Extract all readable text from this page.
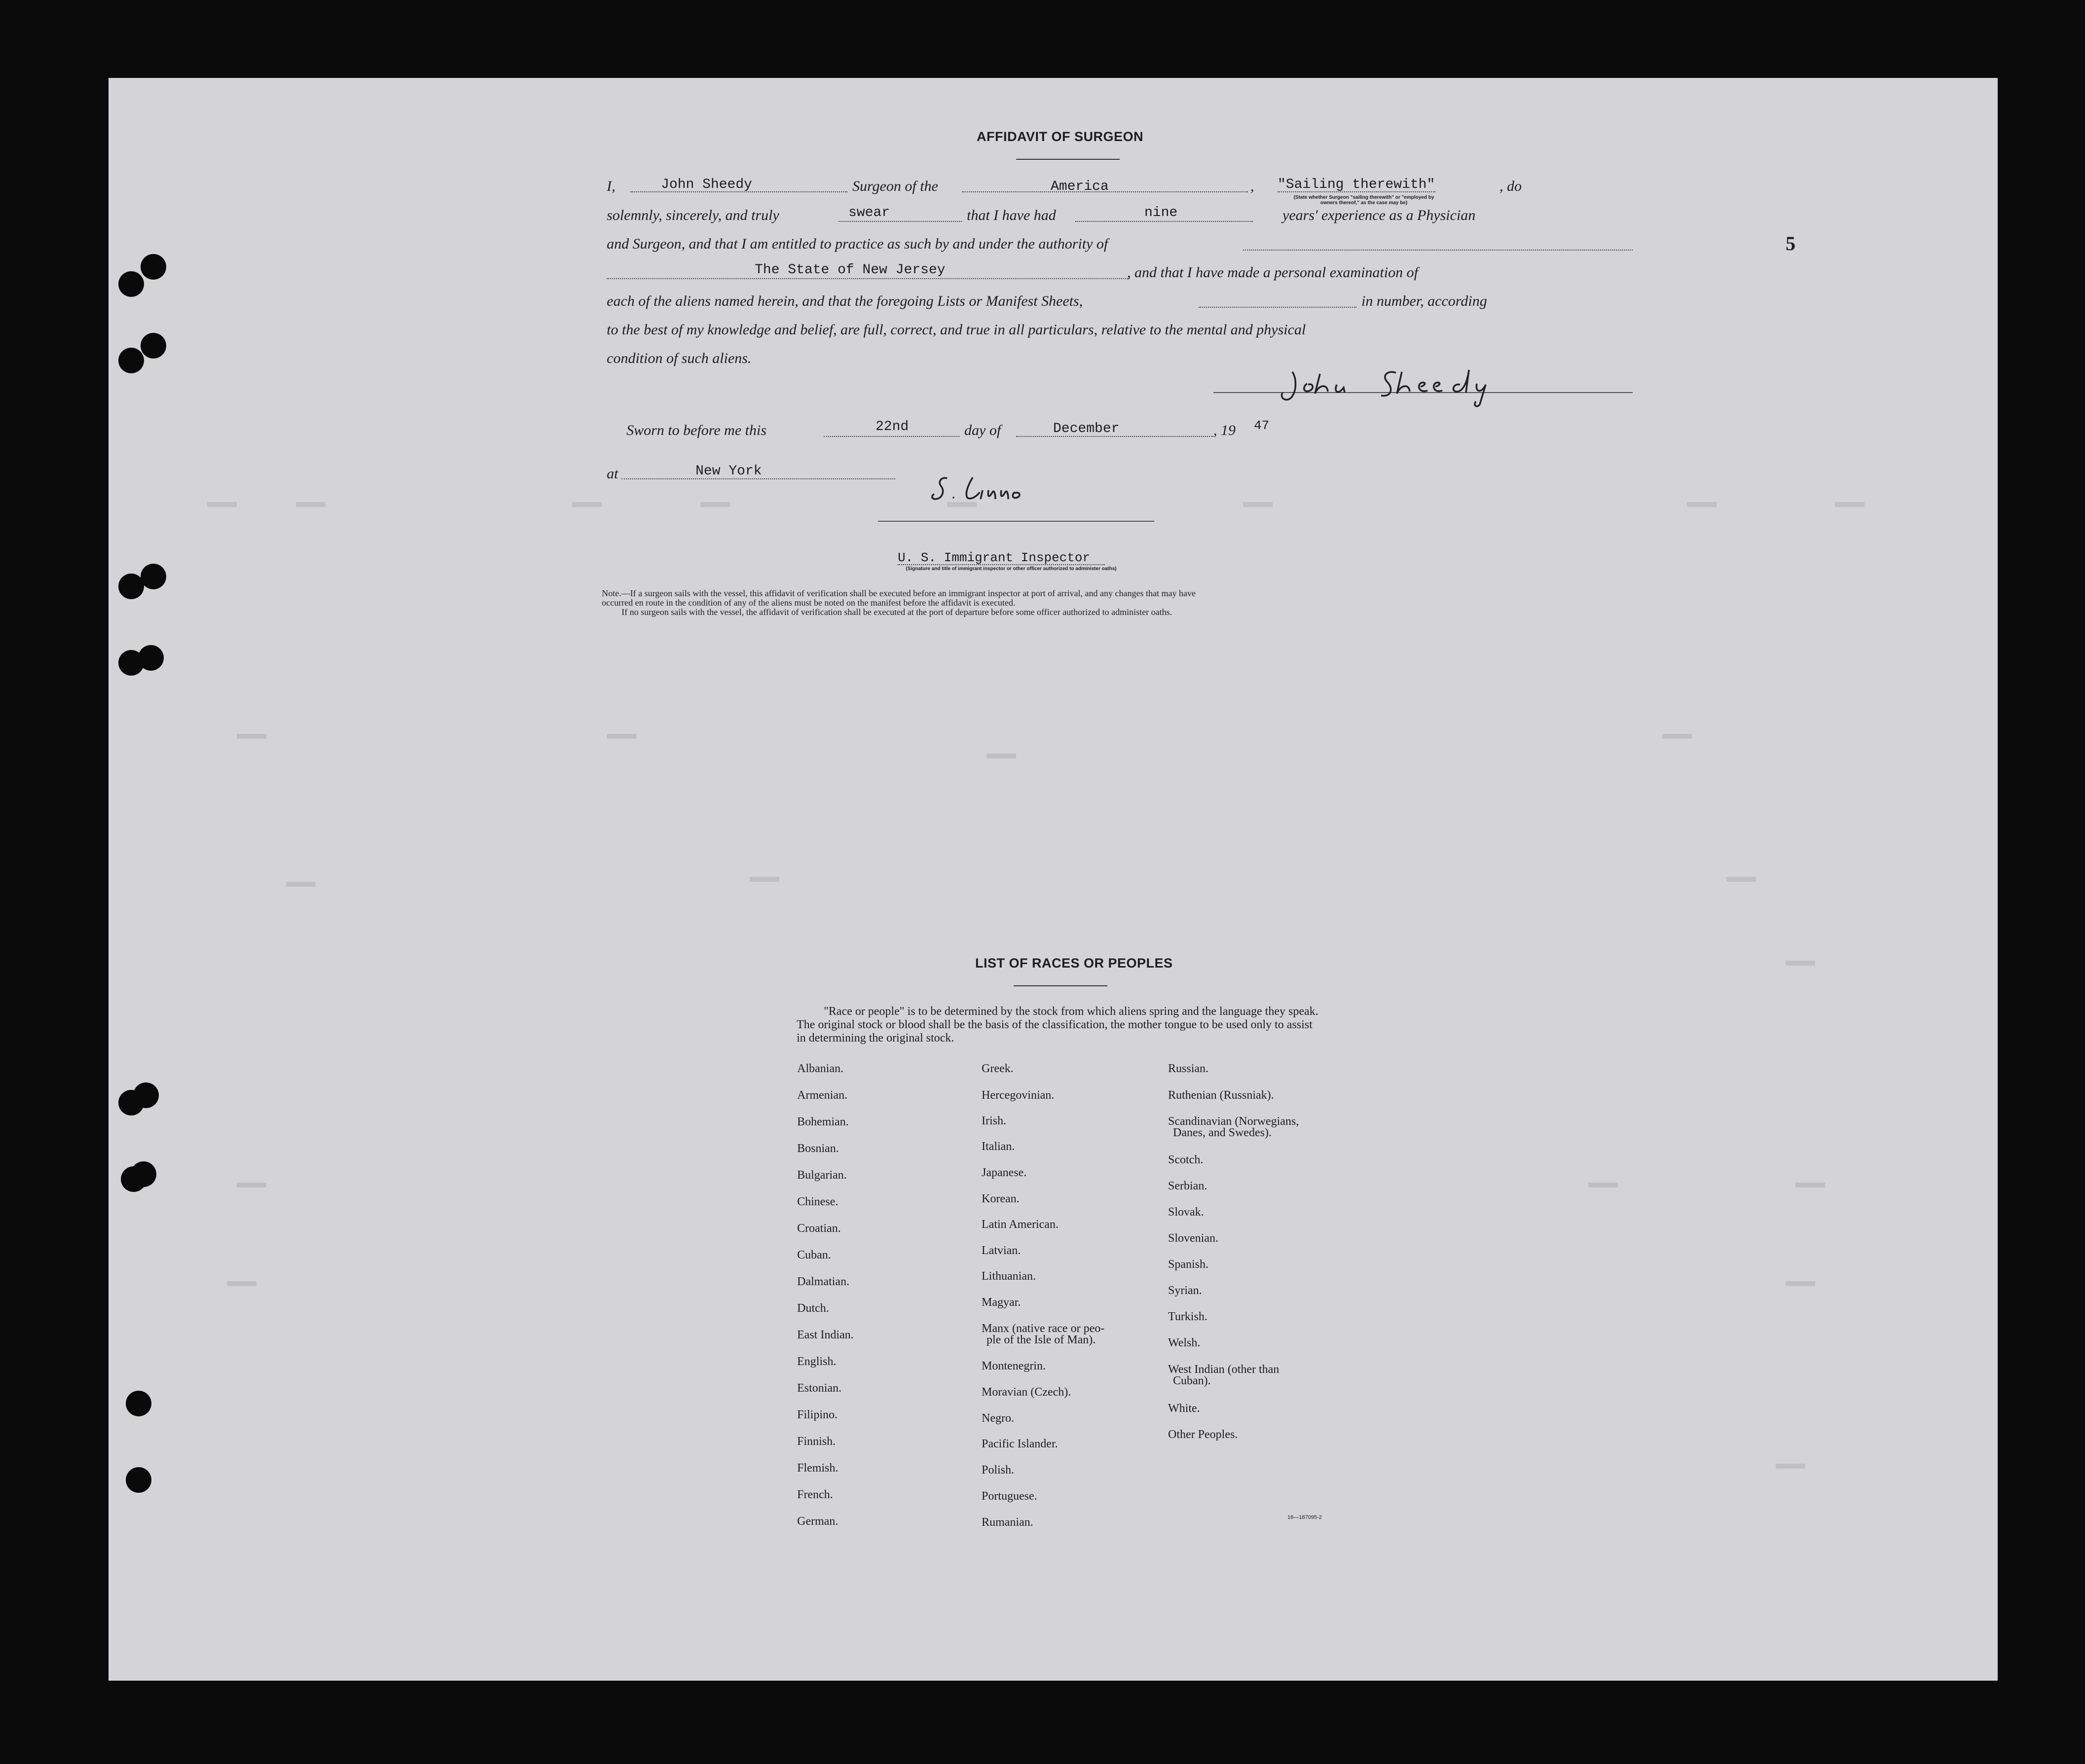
AFFIDAVIT OF SURGEON
I,	John Sheedy	Surgeon of the	America	, "Sailing therewith"
(State whether Surgeon "sailing therewith" or "employed by
owners thereof," as the case may be)
, do
solemnly, sincerely, and truly	swear	that I have had	nine	years' experience as a Physician
and Surgeon, and that I am entitled to practice as such by and under the authority of
The State of New Jersey	, and that I have made a personal examination of
each of the aliens named herein, and that the foregoing Lists or Manifest Sheets,	in number, according
to the best of my knowledge and belief, are full, correct, and true in all particulars, relative to the mental and physical
condition of such aliens.
Sworn to before me this	22nd	day of	December	, 19 47
at	New York
U. S. Immigrant Inspector
(Signature and title of immigrant inspector or other officer authorized to administer oaths)
Note.—If a surgeon sails with the vessel, this affidavit of verification shall be executed before an immigrant inspector at port of arrival, and any changes that may have
occurred en route in the condition of any of the aliens must be noted on the manifest before the affidavit is executed.
If no surgeon sails with the vessel, the affidavit of verification shall be executed at the port of departure before some officer authorized to administer oaths.
5
LIST OF RACES OR PEOPLES
"Race or people" is to be determined by the stock from which aliens spring and the language they speak. The original stock or blood shall be the basis of the classification, the mother tongue to be used only to assist in determining the original stock.
Albanian.
Armenian.
Bohemian.
Bosnian.
Bulgarian.
Chinese.
Croatian.
Cuban.
Dalmatian.
Dutch.
East Indian.
English.
Estonian.
Filipino.
Finnish.
Flemish.
French.
German.
Greek.
Hercegovinian.
Irish.
Italian.
Japanese.
Korean.
Latin American.
Latvian.
Lithuanian.
Magyar.
Manx (native race or peo-
ple of the Isle of Man).
Montenegrin.
Moravian (Czech).
Negro.
Pacific Islander.
Polish.
Portuguese.
Rumanian.
Russian.
Ruthenian (Russniak).
Scandinavian (Norwegians,
Danes, and Swedes).
Scotch.
Serbian.
Slovak.
Slovenian.
Spanish.
Syrian.
Turkish.
Welsh.
West Indian (other than
Cuban).
White.
Other Peoples.
16—187095-2
